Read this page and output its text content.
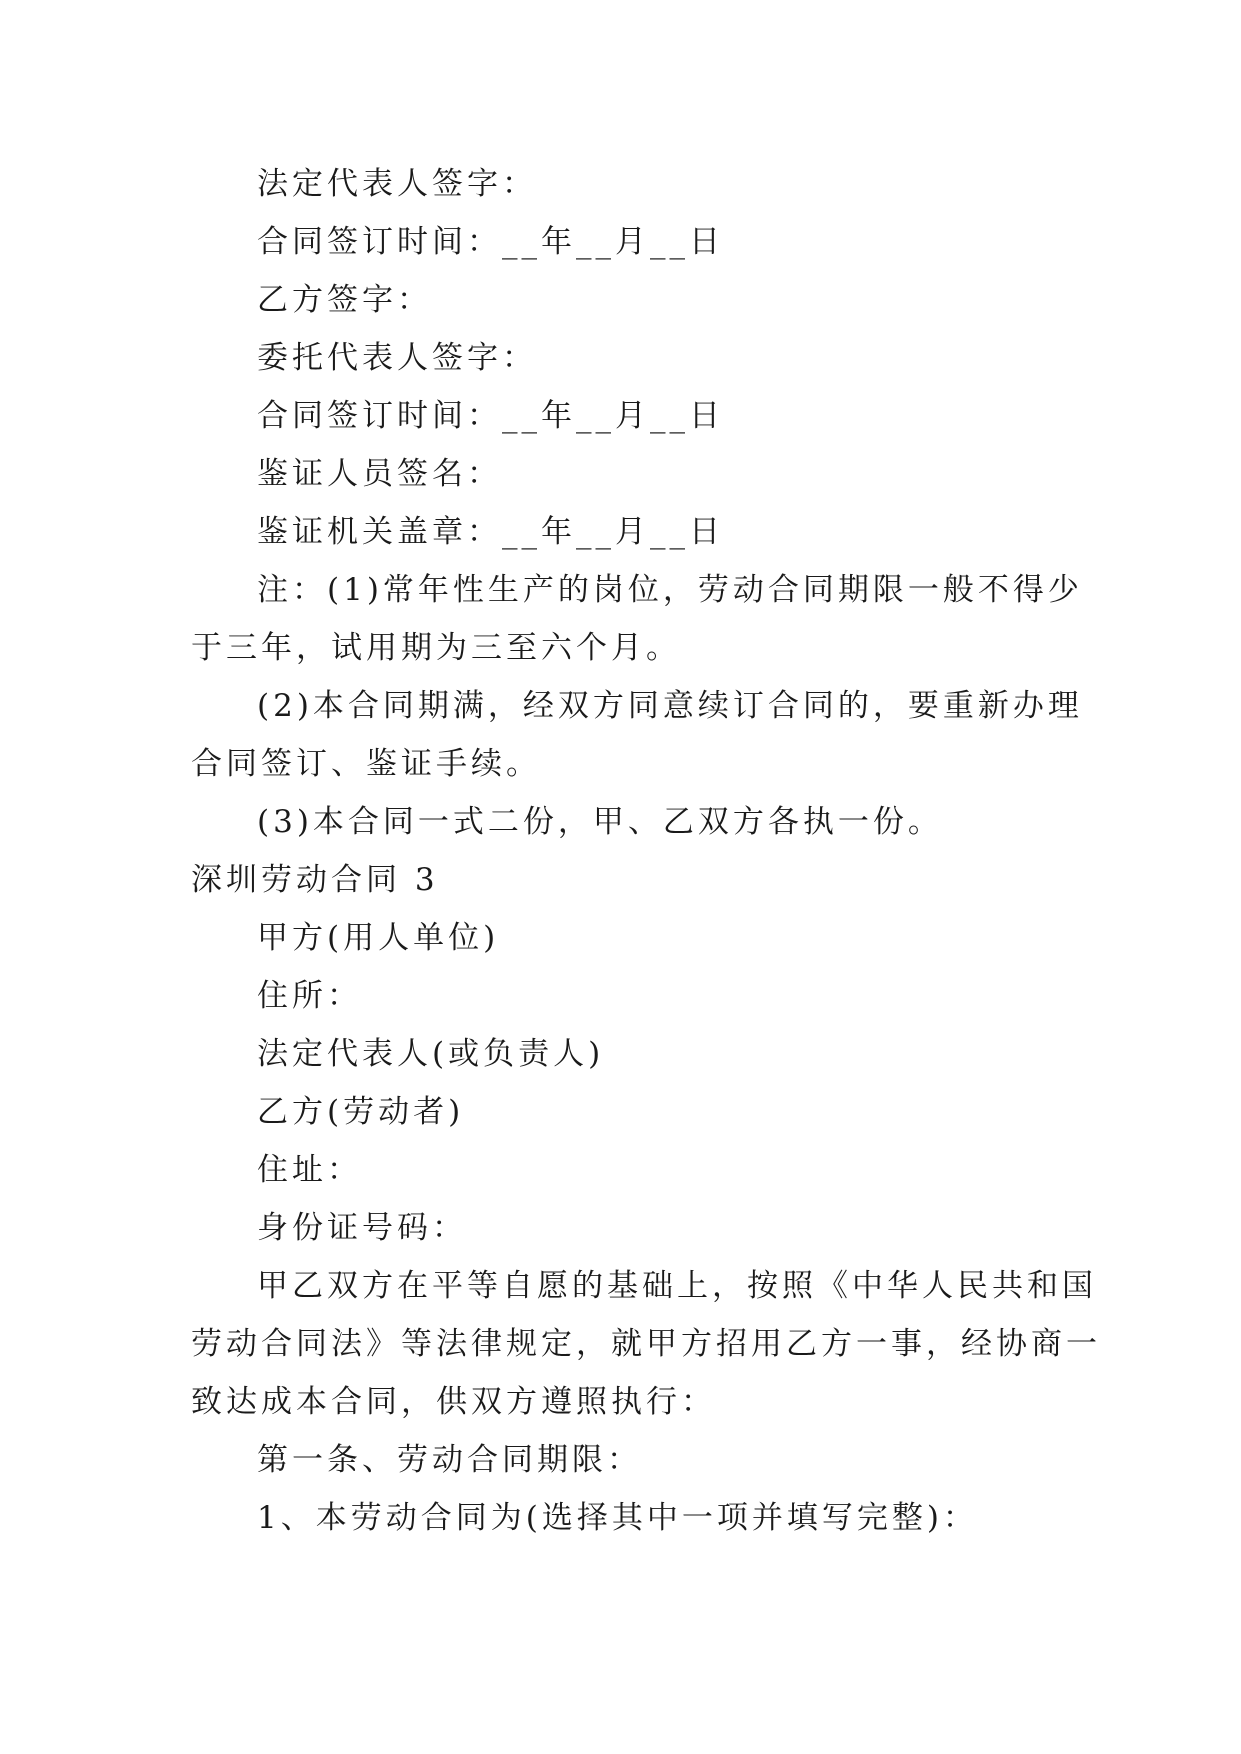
法定代表人签字：
合同签订时间：__年__月__日
乙方签字：
委托代表人签字：
合同签订时间：__年__月__日
鉴证人员签名：
鉴证机关盖章：__年__月__日
注：(1)常年性生产的岗位，劳动合同期限一般不得少
于三年，试用期为三至六个月。
(2)本合同期满，经双方同意续订合同的，要重新办理
合同签订、鉴证手续。
(3)本合同一式二份，甲、乙双方各执一份。
深圳劳动合同 3
甲方(用人单位)
住所：
法定代表人(或负责人)
乙方(劳动者)
住址：
身份证号码：
甲乙双方在平等自愿的基础上，按照《中华人民共和国
劳动合同法》等法律规定，就甲方招用乙方一事，经协商一
致达成本合同，供双方遵照执行：
第一条、劳动合同期限：
1、本劳动合同为(选择其中一项并填写完整)：
